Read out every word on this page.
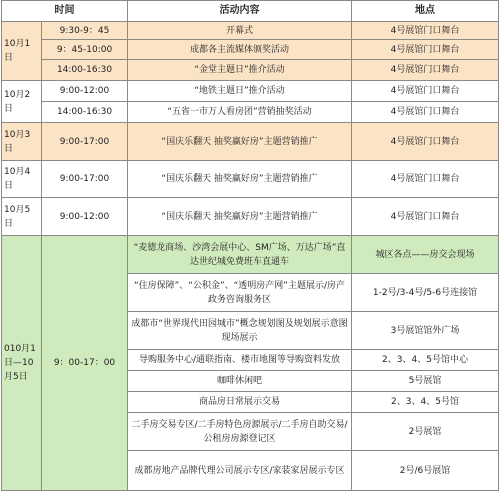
时间		活动内容	地点
10月1日	9:30-9：45	开幕式	4号展馆门口舞台
	9：45-10:00	成都各主流媒体颁奖活动	4号展馆门口舞台
	14:00-16:30	“金堂主题日”推介活动	4号展馆门口舞台
10月2日	9:00-12:00	“地铁主题日”推介活动	4号展馆门口舞台
	14:00-16:30	“五省一市万人看房团”营销抽奖活动	4号展馆门口舞台
10月3日	9:00-17:00	“国庆乐翻天 抽奖赢好房”主题营销推广	4号展馆门口舞台
10月4日	9:00-17:00	“国庆乐翻天 抽奖赢好房”主题营销推广	4号展馆门口舞台
10月5日	9:00-12:00	“国庆乐翻天 抽奖赢好房”主题营销推广	4号展馆门口舞台
010月1日—10月5日	9：00-17：00	“麦德龙商场、沙湾会展中心、SM广场、万达广场”直达世纪城免费班车直通车	城区各点——房交会现场
		“住房保障”、“公积金”、“透明房产网”主题展示/房产政务咨询服务区	1-2号/3-4号/5-6号连接馆
		成都市“世界现代田园城市”概念规划图及规划展示意图现场展示	3号展馆馆外广场
		导购服务中心/通联指南、楼市地图等导购资料发放	2、3、4、5号馆中心
		咖啡休闲吧	5号展馆
		商品房日常展示交易	2、3、4、5号馆
		二手房交易专区/二手房特色房源展示/二手房自助交易/公租房房源登记区	2号展馆
		成都房地产品牌代理公司展示专区/家装家居展示专区	2号/6号展馆
